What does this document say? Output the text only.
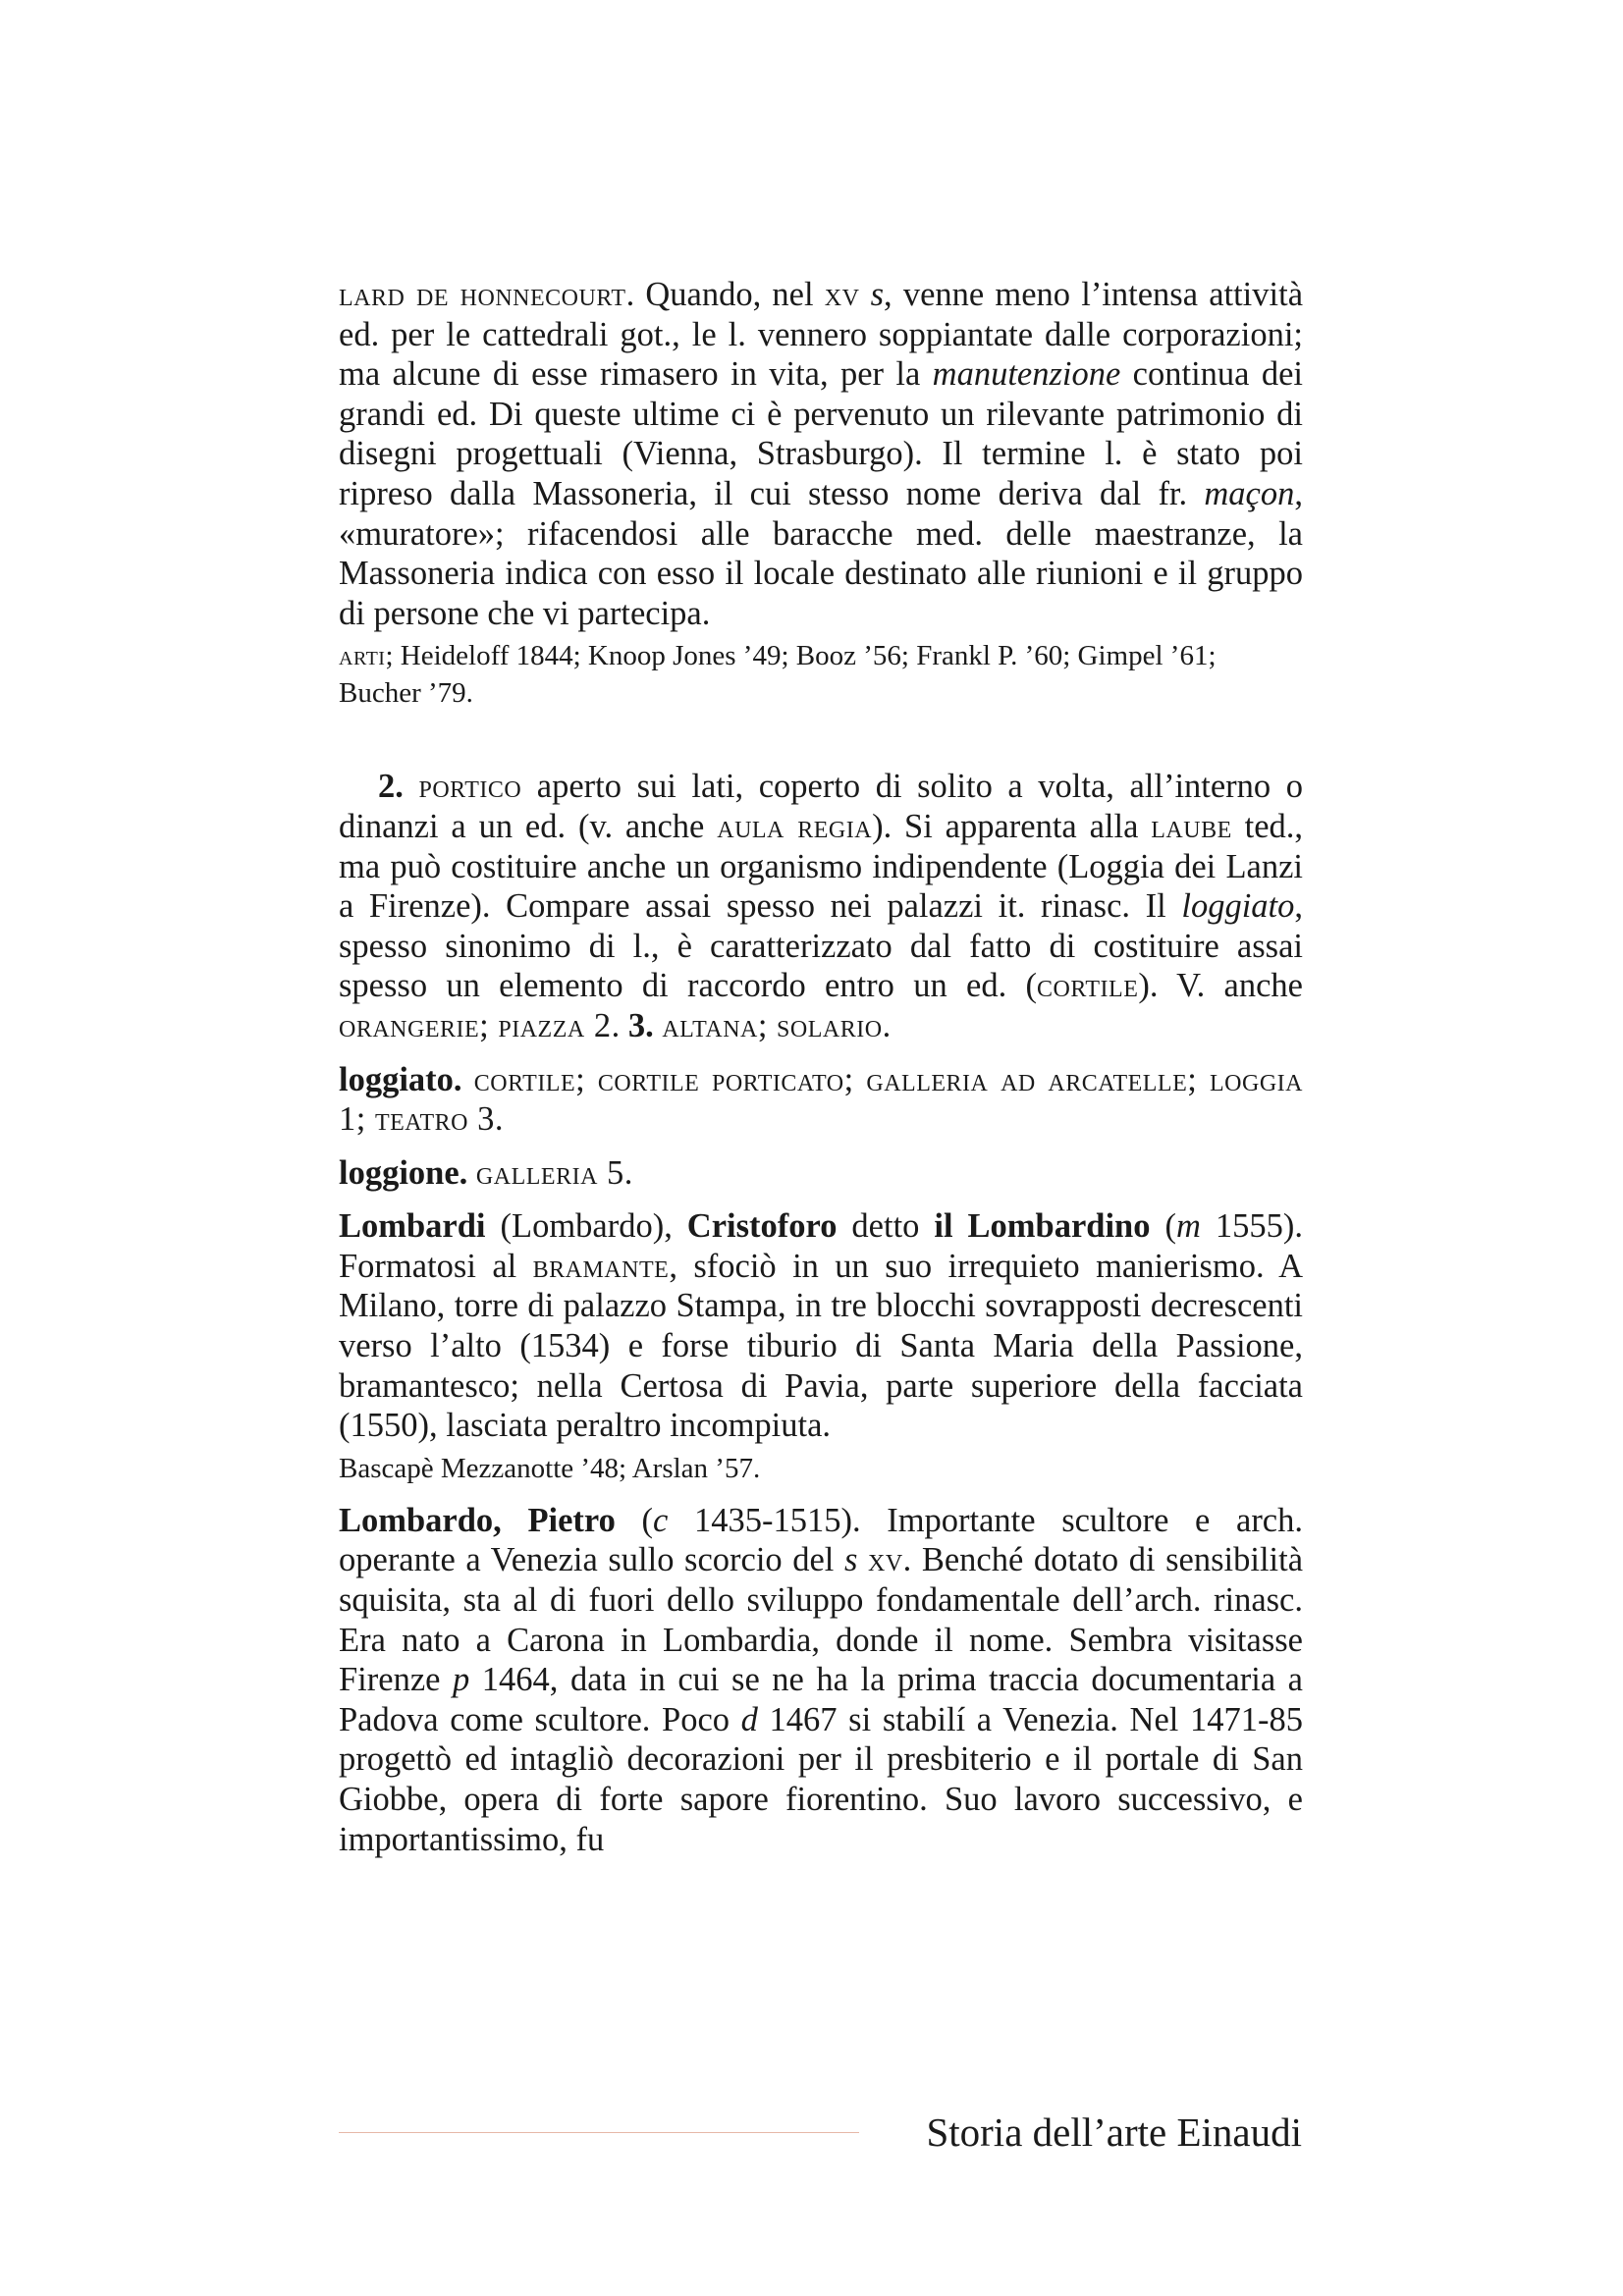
lard de honnecourt. Quando, nel xv s, venne meno l’intensa attività ed. per le cattedrali got., le l. vennero soppiantate dalle corporazioni; ma alcune di esse rimasero in vita, per la manutenzione continua dei grandi ed. Di queste ultime ci è pervenuto un rilevante patrimonio di disegni progettuali (Vienna, Strasburgo). Il termine l. è stato poi ripreso dalla Massoneria, il cui stesso nome deriva dal fr. maçon, «muratore»; rifacendosi alle baracche med. delle maestranze, la Massoneria indica con esso il locale destinato alle riunioni e il gruppo di persone che vi partecipa.

arti; Heideloff 1844; Knoop Jones ’49; Booz ’56; Frankl P. ’60; Gimpel ’61; Bucher ’79.

2. portico aperto sui lati, coperto di solito a volta, all’interno o dinanzi a un ed. (v. anche aula regia). Si apparenta alla laube ted., ma può costituire anche un organismo indipendente (Loggia dei Lanzi a Firenze). Compare assai spesso nei palazzi it. rinasc. Il loggiato, spesso sinonimo di l., è caratterizzato dal fatto di costituire assai spesso un elemento di raccordo entro un ed. (cortile). V. anche orangerie; piazza 2. 3. altana; solario.

loggiato. cortile; cortile porticato; galleria ad arcatelle; loggia 1; teatro 3.

loggione. galleria 5.

Lombardi (Lombardo), Cristoforo detto il Lombardino (m 1555). Formatosi al bramante, sfociò in un suo irrequieto manierismo. A Milano, torre di palazzo Stampa, in tre blocchi sovrapposti decrescenti verso l’alto (1534) e forse tiburio di Santa Maria della Passione, bramantesco; nella Certosa di Pavia, parte superiore della facciata (1550), lasciata peraltro incompiuta.

Bascapè Mezzanotte ’48; Arslan ’57.

Lombardo, Pietro (c 1435-1515). Importante scultore e arch. operante a Venezia sullo scorcio del s xv. Benché dotato di sensibilità squisita, sta al di fuori dello sviluppo fondamentale dell’arch. rinasc. Era nato a Carona in Lombardia, donde il nome. Sembra visitasse Firenze p 1464, data in cui se ne ha la prima traccia documentaria a Padova come scultore. Poco d 1467 si stabilí a Venezia. Nel 1471-85 progettò ed intagliò decorazioni per il presbiterio e il portale di San Giobbe, opera di forte sapore fiorentino. Suo lavoro successivo, e importantissimo, fu

Storia dell’arte Einaudi
